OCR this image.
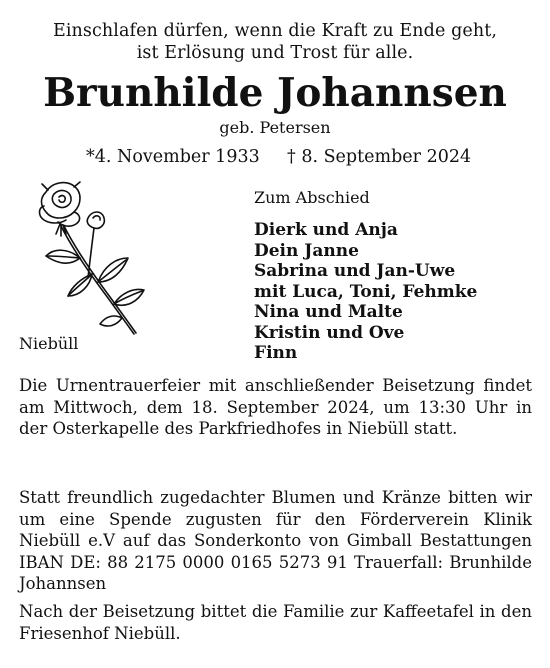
Einschlafen dürfen, wenn die Kraft zu Ende geht,
ist Erlösung und Trost für alle.
Brunhilde Johannsen
geb. Petersen
*4. November 1933 † 8. September 2024
Zum Abschied
Dierk und Anja
Dein Janne
Sabrina und Jan-Uwe
mit Luca, Toni, Fehmke
Nina und Malte
Kristin und Ove
Finn
Niebüll
Die Urnentrauerfeier mit anschließender Beisetzung findet am Mittwoch, dem 18. September 2024, um 13:30 Uhr in der Osterkapelle des Parkfriedhofes in Niebüll statt.
Statt freundlich zugedachter Blumen und Kränze bitten wir um eine Spende zugusten für den Förderverein Klinik Niebüll e.V auf das Sonderkonto von Gimball Bestattungen IBAN DE: 88 2175 0000 0165 5273 91 Trauerfall: Brunhilde Johannsen
Nach der Beisetzung bittet die Familie zur Kaffeetafel in den Friesenhof Niebüll.
